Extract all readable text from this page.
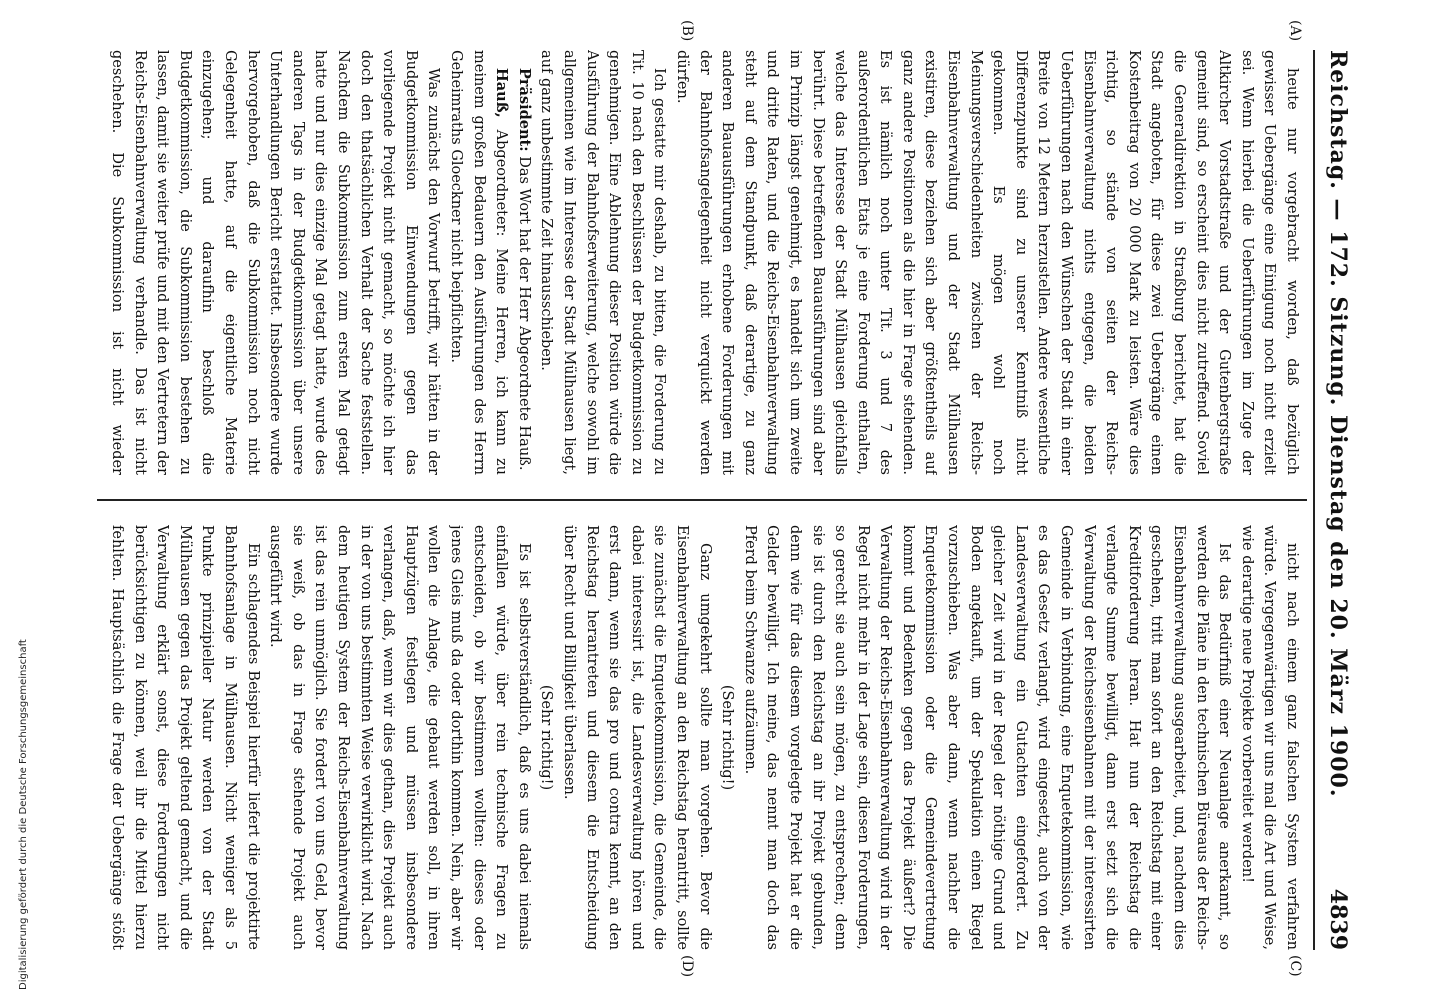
Reichstag. — 172. Sitzung. Dienstag den 20. März 1900.
4839
(A)
(B)
(C)
(D)

heute nur vorgebracht worden, daß bezüglich gewisser Uebergänge eine Einigung noch nicht erzielt sei. Wenn hierbei die Ueberführungen im Zuge der Altkircher Vorstadtstraße und der Gutenbergstraße gemeint sind, so erscheint dies nicht zutreffend. Soviel die Generaldirektion in Straßburg berichtet, hat die Stadt angeboten, für diese zwei Uebergänge einen Kostenbeitrag von 20 000 Mark zu leisten. Wäre dies richtig, so stände von seiten der Reichs-Eisenbahnverwaltung nichts entgegen, die beiden Ueberführungen nach den Wünschen der Stadt in einer Breite von 12 Metern herzustellen. Andere wesentliche Differenzpunkte sind zu unserer Kenntniß nicht gekommen. Es mögen wohl noch Meinungsverschiedenheiten zwischen der Reichs-Eisenbahnverwaltung und der Stadt Mülhausen existiren, diese beziehen sich aber größtentheils auf ganz andere Positionen als die hier in Frage stehenden. Es ist nämlich noch unter Tit. 3 und 7 des außerordentlichen Etats je eine Forderung enthalten, welche das Interesse der Stadt Mülhausen gleichfalls berührt. Diese betreffenden Bauausführungen sind aber im Prinzip längst genehmigt, es handelt sich um zweite und dritte Raten, und die Reichs-Eisenbahnverwaltung steht auf dem Standpunkt, daß derartige, zu ganz anderen Bauausführungen erhobene Forderungen mit der Bahnhofsangelegenheit nicht verquickt werden dürfen.

Ich gestatte mir deshalb, zu bitten, die Forderung zu Tit. 10 nach den Beschlüssen der Budgetkommission zu genehmigen. Eine Ablehnung dieser Position würde die Ausführung der Bahnhofserweiterung, welche sowohl im allgemeinen wie im Interesse der Stadt Mülhausen liegt, auf ganz unbestimmte Zeit hinausschieben.

Präsident: Das Wort hat der Herr Abgeordnete Hauß.

Hauß, Abgeordneter: Meine Herren, ich kann zu meinem großen Bedauern den Ausführungen des Herrn Geheimraths Gloeckner nicht beipflichten.

Was zunächst den Vorwurf betrifft, wir hätten in der Budgetkommission Einwendungen gegen das vorliegende Projekt nicht gemacht, so möchte ich hier doch den thatsächlichen Verhalt der Sache feststellen. Nachdem die Subkommission zum ersten Mal getagt hatte und nur dies einzige Mal getagt hatte, wurde des anderen Tags in der Budgetkommission über unsere Unterhandlungen Bericht erstattet. Insbesondere wurde hervorgehoben, daß die Subkommission noch nicht Gelegenheit hatte, auf die eigentliche Materie einzugehen; und daraufhin beschloß die Budgetkommission, die Subkommission bestehen zu lassen, damit sie weiter prüfe und mit den Vertretern der Reichs-Eisenbahnverwaltung verhandle. Das ist nicht geschehen. Die Subkommission ist nicht wieder

nicht nach einem ganz falschen System verfahren würde. Vergegenwärtigen wir uns mal die Art und Weise, wie derartige neue Projekte vorbereitet werden!

Ist das Bedürfniß einer Neuanlage anerkannt, so werden die Pläne in den technischen Büreaus der Reichs-Eisenbahnverwaltung ausgearbeitet, und, nachdem dies geschehen, tritt man sofort an den Reichstag mit einer Kreditforderung heran. Hat nun der Reichstag die verlangte Summe bewilligt, dann erst setzt sich die Verwaltung der Reichseisenbahnen mit der interessirten Gemeinde in Verbindung, eine Enquetekommission, wie es das Gesetz verlangt, wird eingesetzt, auch von der Landesverwaltung ein Gutachten eingefordert. Zu gleicher Zeit wird in der Regel der nöthige Grund und Boden angekauft, um der Spekulation einen Riegel vorzuschieben. Was aber dann, wenn nachher die Enquetekommission oder die Gemeindevertretung kommt und Bedenken gegen das Projekt äußert? Die Verwaltung der Reichs-Eisenbahnverwaltung wird in der Regel nicht mehr in der Lage sein, diesen Forderungen, so gerecht sie auch sein mögen, zu entsprechen; denn sie ist durch den Reichstag an ihr Projekt gebunden, denn wie für das diesem vorgelegte Projekt hat er die Gelder bewilligt. Ich meine, das nennt man doch das Pferd beim Schwanze aufzäumen.

(Sehr richtig!)

Ganz umgekehrt sollte man vorgehen. Bevor die Eisenbahnverwaltung an den Reichstag herantritt, sollte sie zunächst die Enquetekommission, die Gemeinde, die dabei interessirt ist, die Landesverwaltung hören und erst dann, wenn sie das pro und contra kennt, an den Reichstag herantreten und diesem die Entscheidung über Recht und Billigkeit überlassen.

(Sehr richtig!)

Es ist selbstverständlich, daß es uns dabei niemals einfallen würde, über rein technische Fragen zu entscheiden, ob wir bestimmen wollten: dieses oder jenes Gleis muß da oder dorthin kommen. Nein, aber wir wollen die Anlage, die gebaut werden soll, in ihren Hauptzügen festlegen und müssen insbesondere verlangen, daß, wenn wir dies gethan, dies Projekt auch in der von uns bestimmten Weise verwirklicht wird. Nach dem heutigen System der Reichs-Eisenbahnverwaltung ist das rein unmöglich. Sie fordert von uns Geld, bevor sie weiß, ob das in Frage stehende Projekt auch ausgeführt wird.

Ein schlagendes Beispiel hierfür liefert die projektirte Bahnhofsanlage in Mülhausen. Nicht weniger als 5 Punkte prinzipieller Natur werden von der Stadt Mülhausen gegen das Projekt geltend gemacht, und die Verwaltung erklärt sonst, diese Forderungen nicht berücksichtigen zu können, weil ihr die Mittel hierzu fehlten. Hauptsächlich die Frage der Uebergänge stößt

Digitalisierung gefördert durch die Deutsche Forschungsgemeinschaft
